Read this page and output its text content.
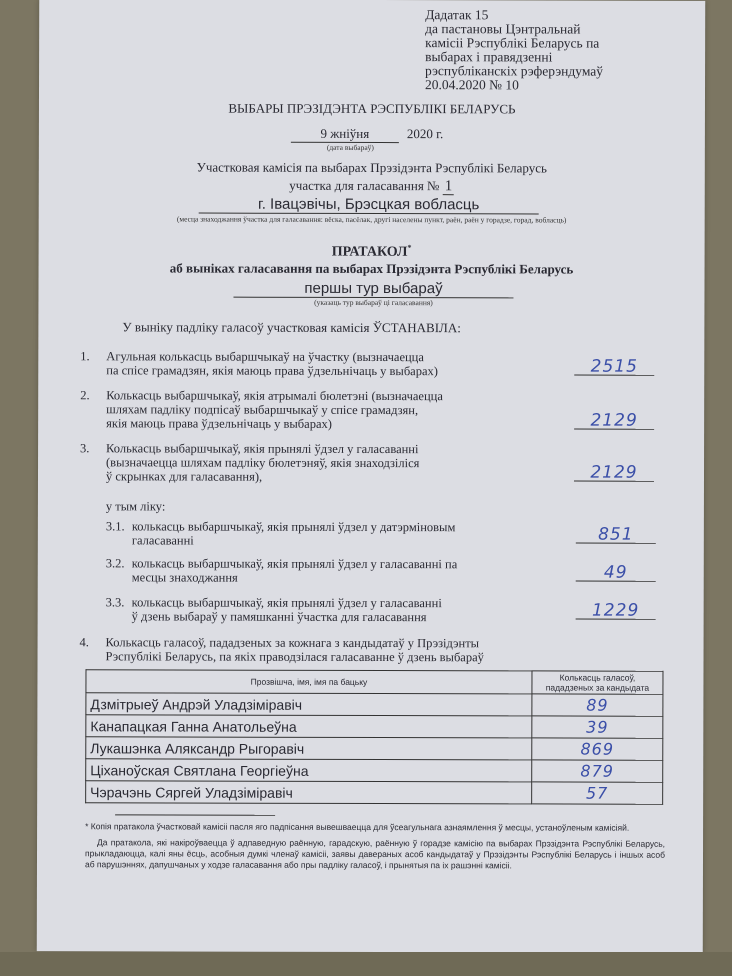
Дадатак 15
да пастановы Цэнтральнай
камісіі Рэспублікі Беларусь па
выбарах і правядзенні
рэспубліканскіх рэферэндумаў
20.04.2020 № 10
ВЫБАРЫ ПРЭЗІДЭНТА РЭСПУБЛІКІ БЕЛАРУСЬ
9 жніўня	2020 г.
(дата выбараў)
Участковая камісія па выбарах Прэзідэнта Рэспублікі Беларусь
участка для галасавання № 1
г. Івацэвічы, Брэсцкая вобласць
(месца знаходжання ўчастка для галасавання: вёска, пасёлак, другі населены пункт, раён, раён у горадзе, горад, вобласць)
ПРАТАКОЛ*
аб выніках галасавання па выбарах Прэзідэнта Рэспублікі Беларусь
першы тур выбараў
(указаць тур выбараў ці галасавання)
У выніку падліку галасоў участковая камісія ЎСТАНАВІЛА:
1. Агульная колькасць выбаршчыкаў на ўчастку (вызначаецца
па спісе грамадзян, якія маюць права ўдзельнічаць у выбарах)	2515
2. Колькасць выбаршчыкаў, якія атрымалі бюлетэні (вызначаецца
шляхам падліку подпісаў выбаршчыкаў у спісе грамадзян,
якія маюць права ўдзельнічаць у выбарах)	2129
3. Колькасць выбаршчыкаў, якія прынялі ўдзел у галасаванні
(вызначаецца шляхам падліку бюлетэняў, якія знаходзіліся
ў скрынках для галасавання),	2129
у тым ліку:
3.1. колькасць выбаршчыкаў, якія прынялі ўдзел у датэрміновым
галасаванні	851
3.2. колькасць выбаршчыкаў, якія прынялі ўдзел у галасаванні па
месцы знаходжання	49
3.3. колькасць выбаршчыкаў, якія прынялі ўдзел у галасаванні
ў дзень выбараў у памяшканні ўчастка для галасавання	1229
4. Колькасць галасоў, пададзеных за кожнага з кандыдатаў у Прэзідэнты
Рэспублікі Беларусь, па якіх праводзілася галасаванне ў дзень выбараў
Прозвішча, імя, імя па бацьку	Колькасць галасоў,
пададзеных за кандыдата

Дзмітрыеў Андрэй Уладзіміравіч	89
Канапацкая Ганна Анатольеўна	39
Лукашэнка Аляксандр Рыгоравіч	869
Ціханоўская Святлана Георгіеўна	879
Чэрачэнь Сяргей Уладзіміравіч	57

* Копія пратакола ўчастковай камісіі пасля яго падпісання вывешваецца для ўсеагульнага азнаямлення ў месцы, устаноўленым камісіяй.

Да пратакола, які накіроўваецца ў адпаведную раённую, гарадскую, раённую ў горадзе камісію па выбарах Прэзідэнта Рэспублікі Беларусь, прыкладаюцца, калі яны ёсць, асобныя думкі членаў камісіі, заявы давераных асоб кандыдатаў у Прэзідэнты Рэспублікі Беларусь і іншых асоб аб парушэннях, дапушчаных у ходзе галасавання або пры падліку галасоў, і прынятыя па іх рашэнні камісіі.
